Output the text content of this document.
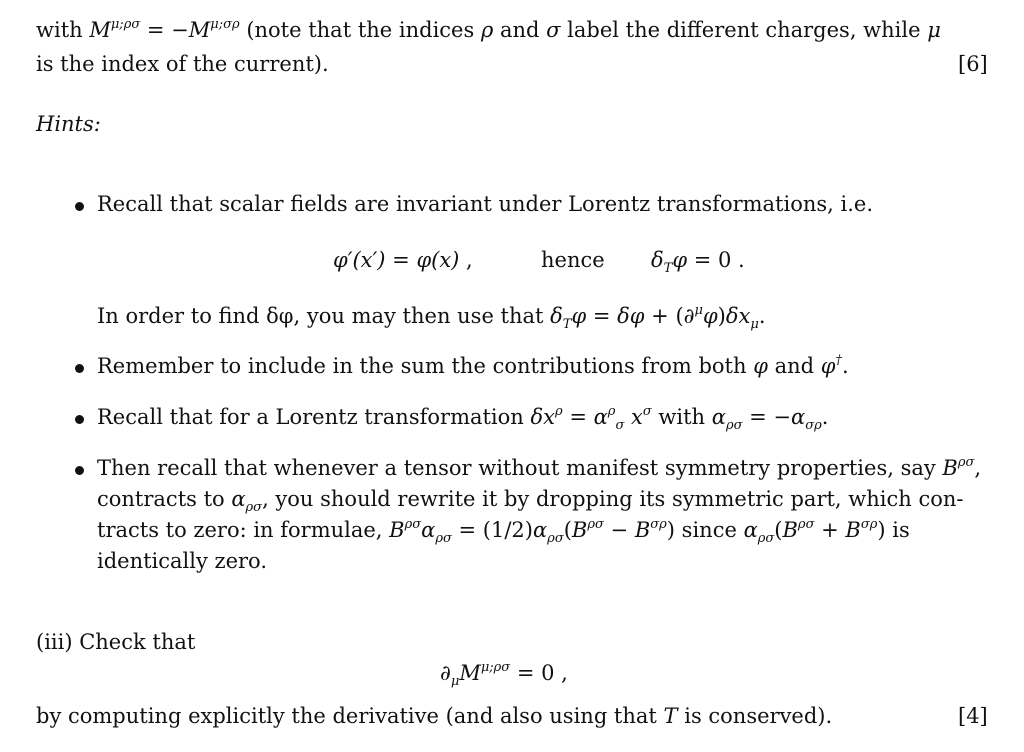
with $M^{\mu;\rho\sigma} = -M^{\mu;\sigma\rho}$ (note that the indices ρ and σ label the different charges, while μ
is the index of the current).	[6]
Hints:
Recall that scalar fields are invariant under Lorentz transformations, i.e.
φ′(x′) = φ(x) ,	hence $\delta_T\varphi = 0$ .
In order to find δφ, you may then use that $\delta_T\varphi = \delta\varphi + (\partial^\mu\varphi)\delta x_\mu$.
Remember to include in the sum the contributions from both φ and φ†.
Recall that for a Lorentz transformation $\delta x^\rho = \alpha^\rho_\sigma$ $x^\sigma$ with $\alpha_{\rho\sigma} = -\alpha_{\sigma\rho}$.
Then recall that whenever a tensor without manifest symmetry properties, say $B^{\rho\sigma}$,
contracts to $\alpha_{\rho\sigma}$, you should rewrite it by dropping its symmetric part, which con-
tracts to zero: in formulae, $B^{\rho\sigma}\alpha_{\rho\sigma} = (1/2)\alpha_{\rho\sigma}(B^{\rho\sigma} - B^{\sigma\rho})$ since $\alpha_{\rho\sigma}(B^{\rho\sigma} + B^{\sigma\rho})$ is
identically zero.
(iii) Check that
$\partial_\mu M^{\mu;\rho\sigma} = 0$ ,
by computing explicitly the derivative (and also using that T is conserved).	[4]
